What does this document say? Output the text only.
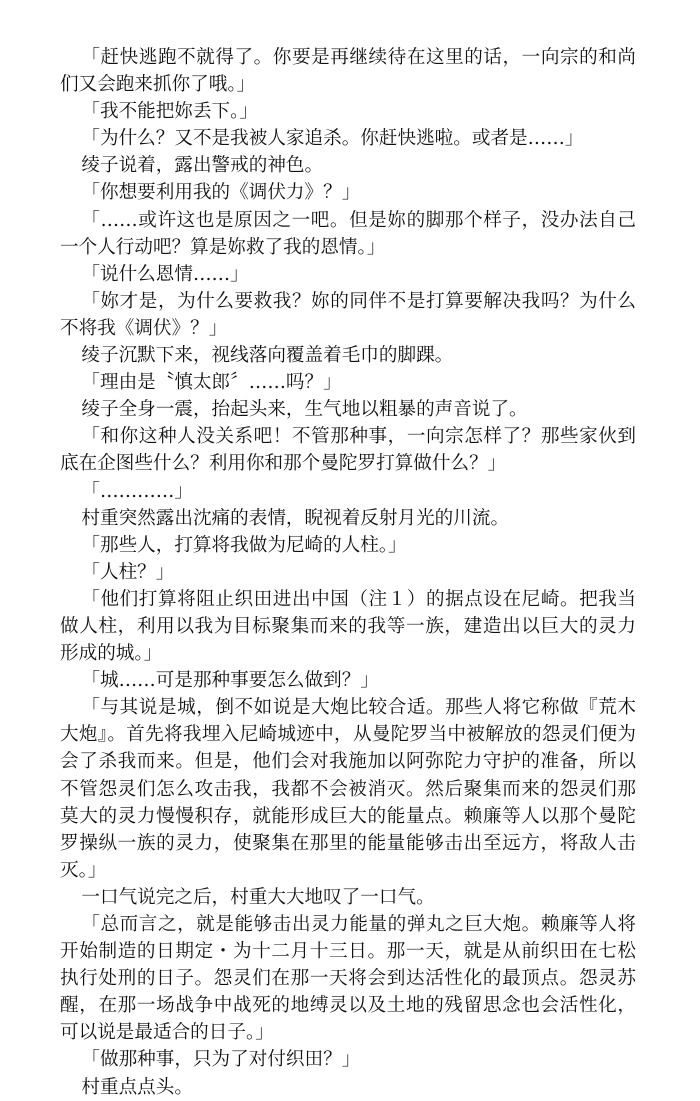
「赶快逃跑不就得了。你要是再继续待在这里的话，一向宗的和尚们又会跑来抓你了哦。」

「我不能把妳丢下。」

「为什么？又不是我被人家追杀。你赶快逃啦。或者是……」

绫子说着，露出警戒的神色。

「你想要利用我的《调伏力》？」

「……或许这也是原因之一吧。但是妳的脚那个样子，没办法自己一个人行动吧？算是妳救了我的恩情。」

「说什么恩情……」

「妳才是，为什么要救我？妳的同伴不是打算要解决我吗？为什么不将我《调伏》？」

绫子沉默下来，视线落向覆盖着毛巾的脚踝。

「理由是〝慎太郎〞……吗？」

绫子全身一震，抬起头来，生气地以粗暴的声音说了。

「和你这种人没关系吧！不管那种事，一向宗怎样了？那些家伙到底在企图些什么？利用你和那个曼陀罗打算做什么？」

「…………」

村重突然露出沈痛的表情，睨视着反射月光的川流。

「那些人，打算将我做为尼崎的人柱。」

「人柱？」

「他们打算将阻止织田进出中国（注１）的据点设在尼崎。把我当做人柱，利用以我为目标聚集而来的我等一族，建造出以巨大的灵力形成的城。」

「城……可是那种事要怎么做到？」

「与其说是城，倒不如说是大炮比较合适。那些人将它称做『荒木大炮』。首先将我埋入尼崎城迹中，从曼陀罗当中被解放的怨灵们便为会了杀我而来。但是，他们会对我施加以阿弥陀力守护的准备，所以不管怨灵们怎么攻击我，我都不会被消灭。然后聚集而来的怨灵们那莫大的灵力慢慢积存，就能形成巨大的能量点。赖廉等人以那个曼陀罗操纵一族的灵力，使聚集在那里的能量能够击出至远方，将敌人击灭。」

一口气说完之后，村重大大地叹了一口气。

「总而言之，就是能够击出灵力能量的弹丸之巨大炮。赖廉等人将开始制造的日期定・为十二月十三日。那一天，就是从前织田在七松执行处刑的日子。怨灵们在那一天将会到达活性化的最顶点。怨灵苏醒，在那一场战争中战死的地缚灵以及土地的残留思念也会活性化，可以说是最适合的日子。」

「做那种事，只为了对付织田？」

村重点点头。
